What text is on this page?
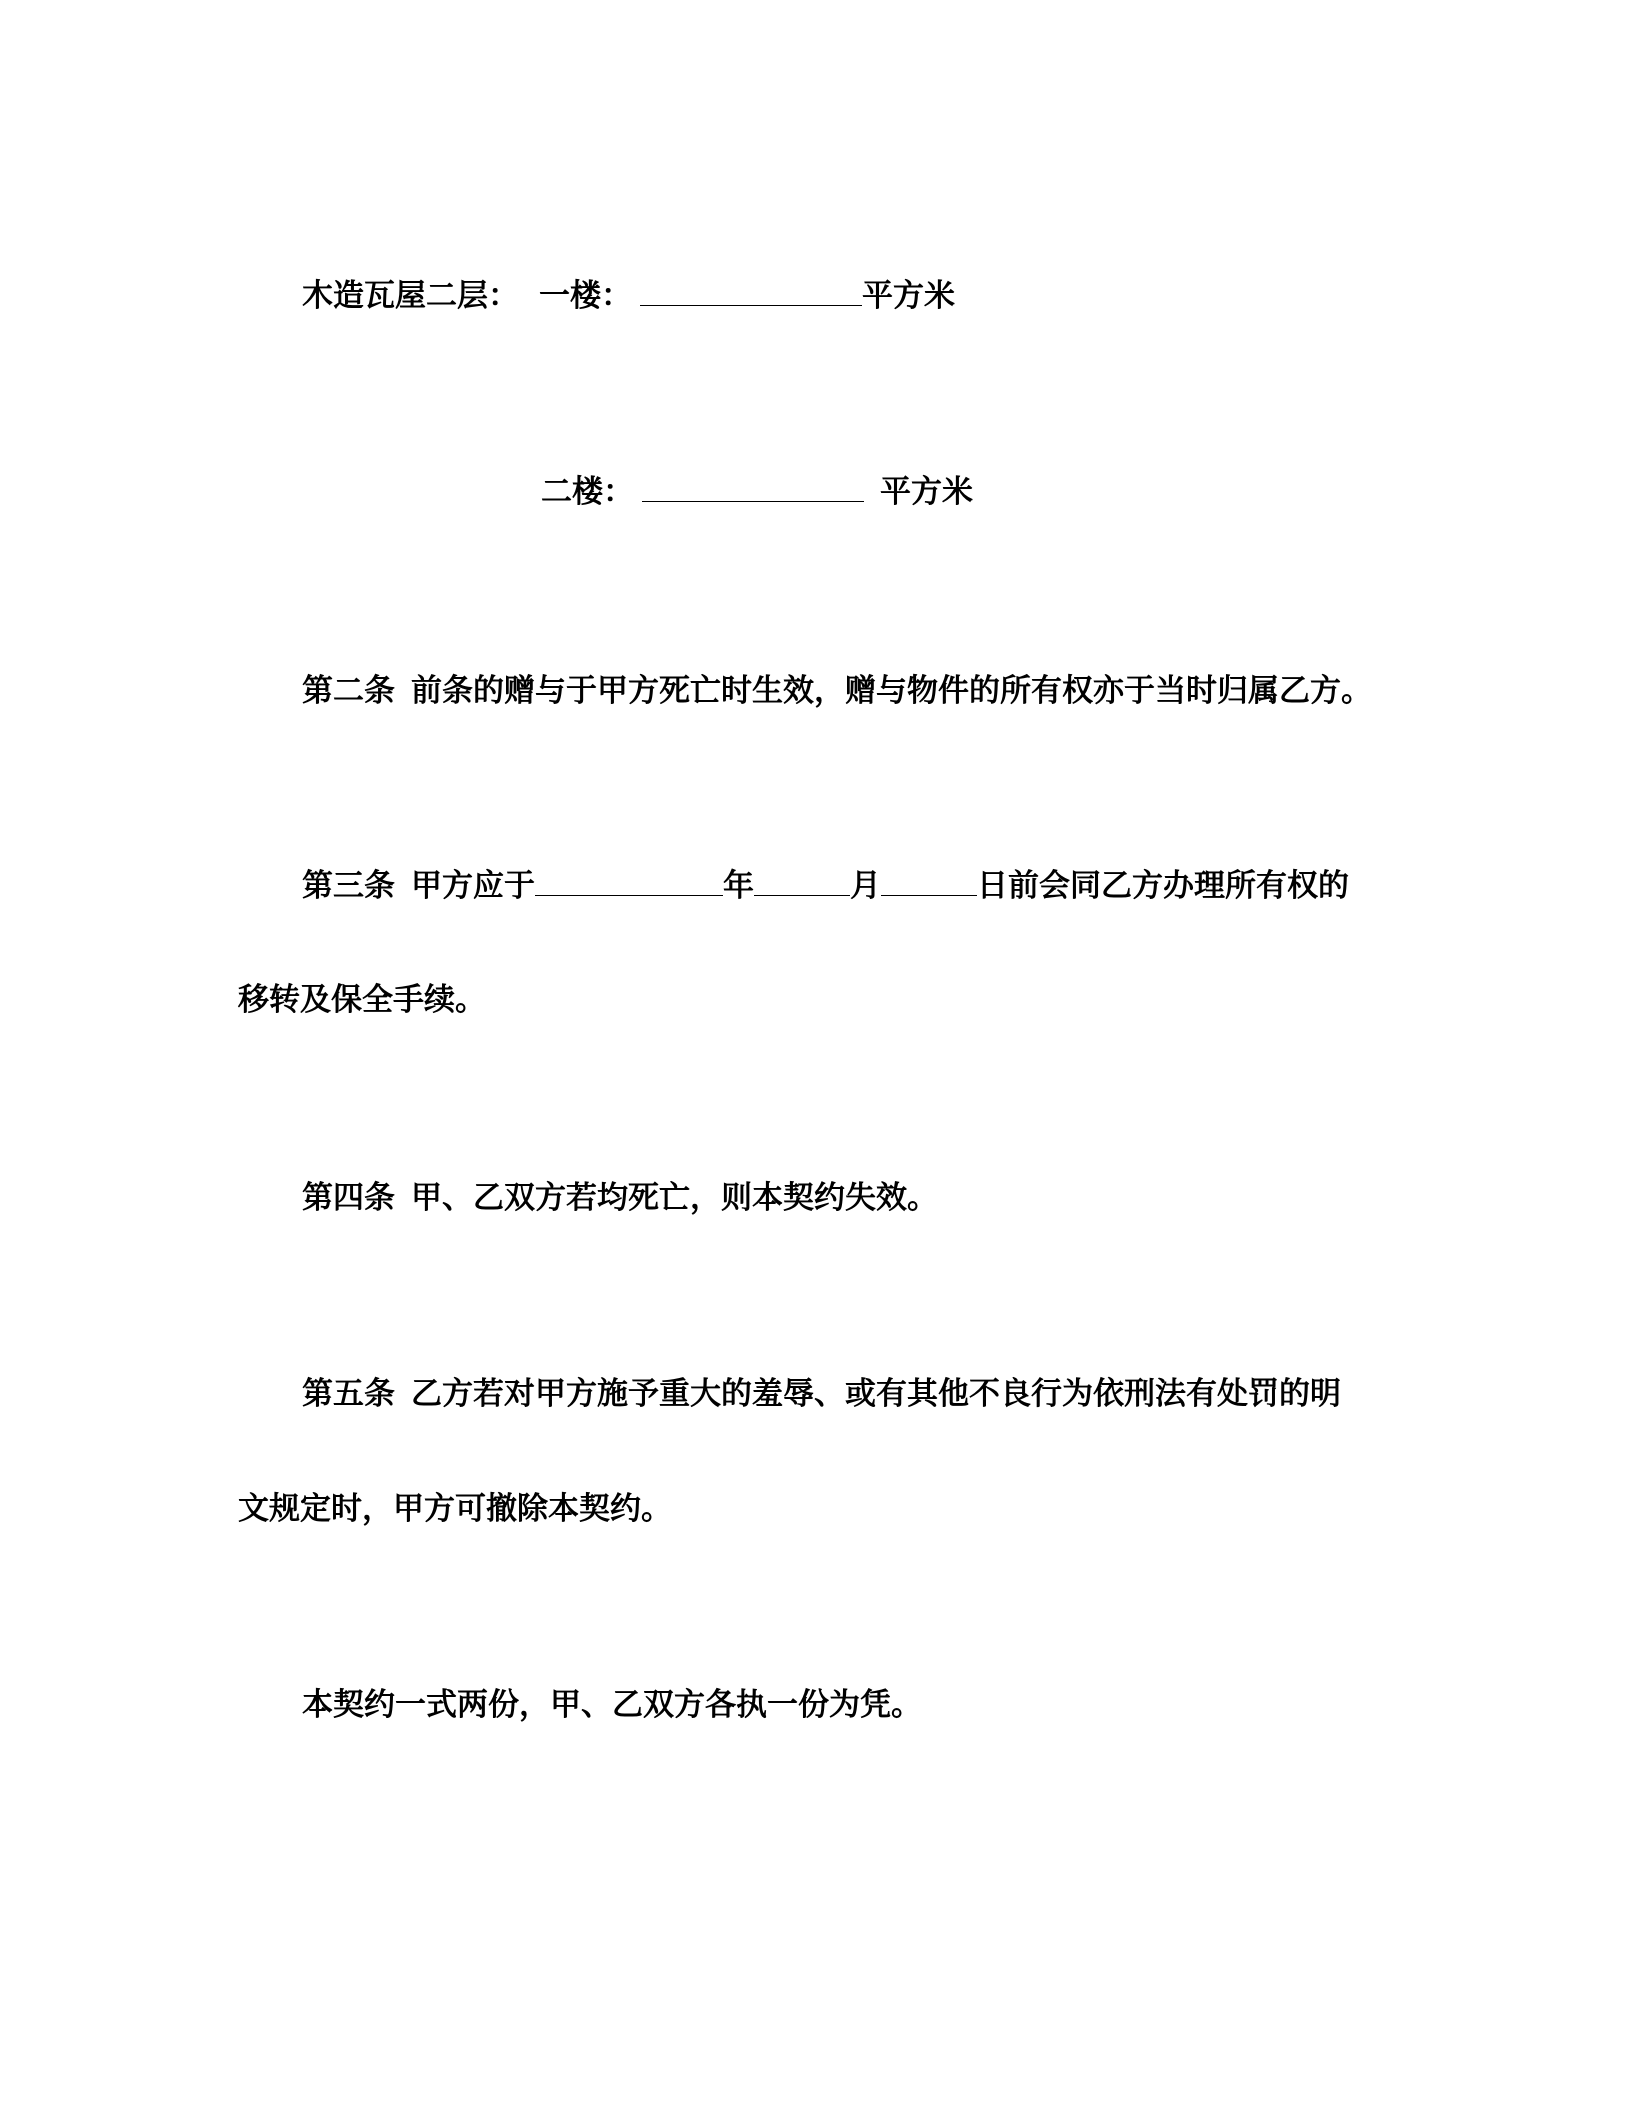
木造瓦屋二层： 一楼：	平方米
二楼：	平方米
第二条 前条的赠与于甲方死亡时生效，赠与物件的所有权亦于当时归属乙方。
第三条 甲方应于	年	月	日前会同乙方办理所有权的
移转及保全手续。
第四条 甲、乙双方若均死亡，则本契约失效。
第五条 乙方若对甲方施予重大的羞辱、或有其他不良行为依刑法有处罚的明
文规定时，甲方可撤除本契约。
本契约一式两份，甲、乙双方各执一份为凭。
